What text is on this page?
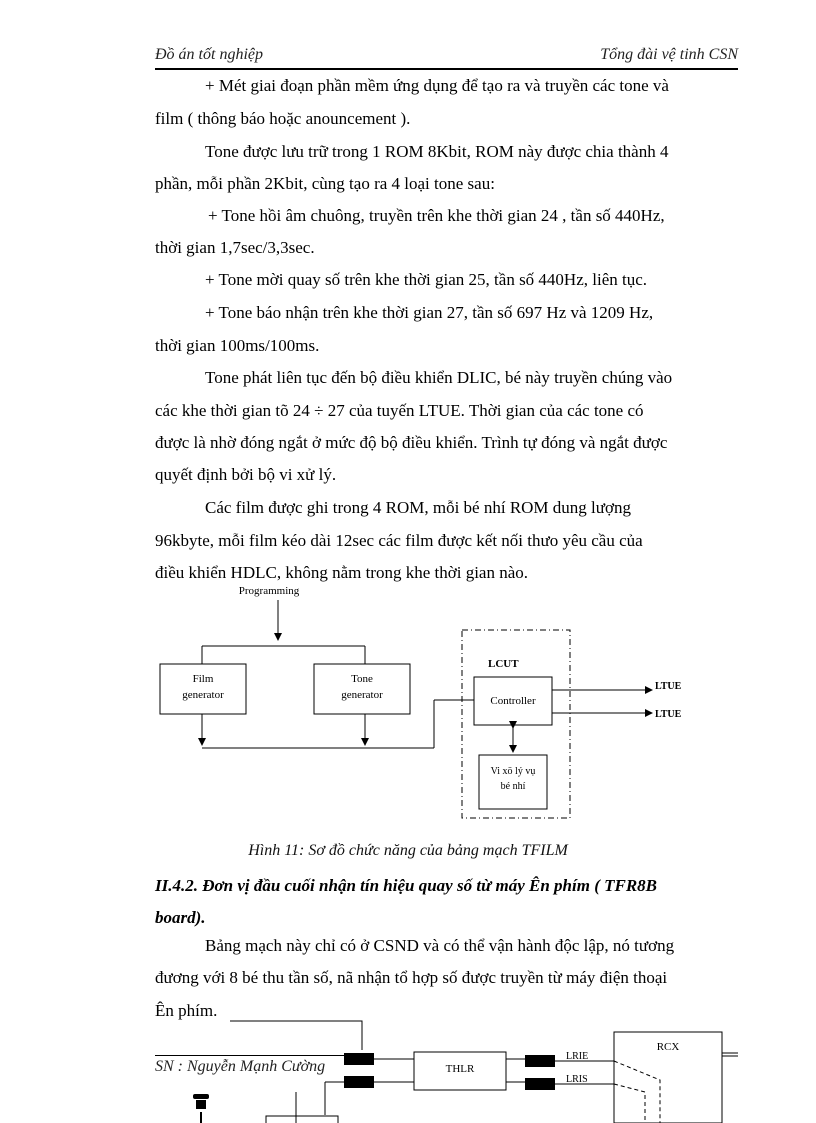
Đồ án tốt nghiệp	Tổng đài vệ tinh CSN
+ Mét giai đoạn phần mềm ứng dụng để tạo ra và truyền các tone và
film ( thông báo hoặc anouncement ).
Tone được lưu trữ trong 1 ROM 8Kbit, ROM này được chia thành 4
phần, mỗi phần 2Kbit, cùng tạo ra 4 loại tone sau:
+ Tone hồi âm chuông, truyền trên khe thời gian 24 , tần số 440Hz,
thời gian 1,7sec/3,3sec.
+ Tone mời quay số trên khe thời gian 25, tần số 440Hz, liên tục.
+ Tone báo nhận trên khe thời gian 27, tần số 697 Hz và 1209 Hz,
thời gian 100ms/100ms.
Tone phát liên tục đến bộ điều khiển DLIC, bé này truyền chúng vào
các khe thời gian tõ 24 ÷ 27 của tuyến LTUE. Thời gian của các tone có
được là nhờ đóng ngắt ở mức độ bộ điều khiển. Trình tự đóng và ngắt được
quyết định bởi bộ vi xử lý.
Các film được ghi trong 4 ROM, mỗi bé nhí ROM dung lượng
96kbyte, mỗi film kéo dài 12sec các film được kết nối thưo yêu cầu của
điều khiển HDLC, không nằm trong khe thời gian nào.
Programming
Film
generator
Tone
generator
LCUT
Controller
LTUE
LTUE
Vi xö lý vụ
bé nhí
Hình 11: Sơ đồ chức năng của bảng mạch TFILM
II.4.2. Đơn vị đầu cuối nhận tín hiệu quay số từ máy Ên phím ( TFR8B
board).
Bảng mạch này chỉ có ở CSND và có thể vận hành độc lập, nó tương
đương với 8 bé thu tần số, nã nhận tổ hợp số được truyền từ máy điện thoại
Ên phím.
THLR
LRIE
LRIS
RCX
SN : Nguyễn Mạnh Cường
